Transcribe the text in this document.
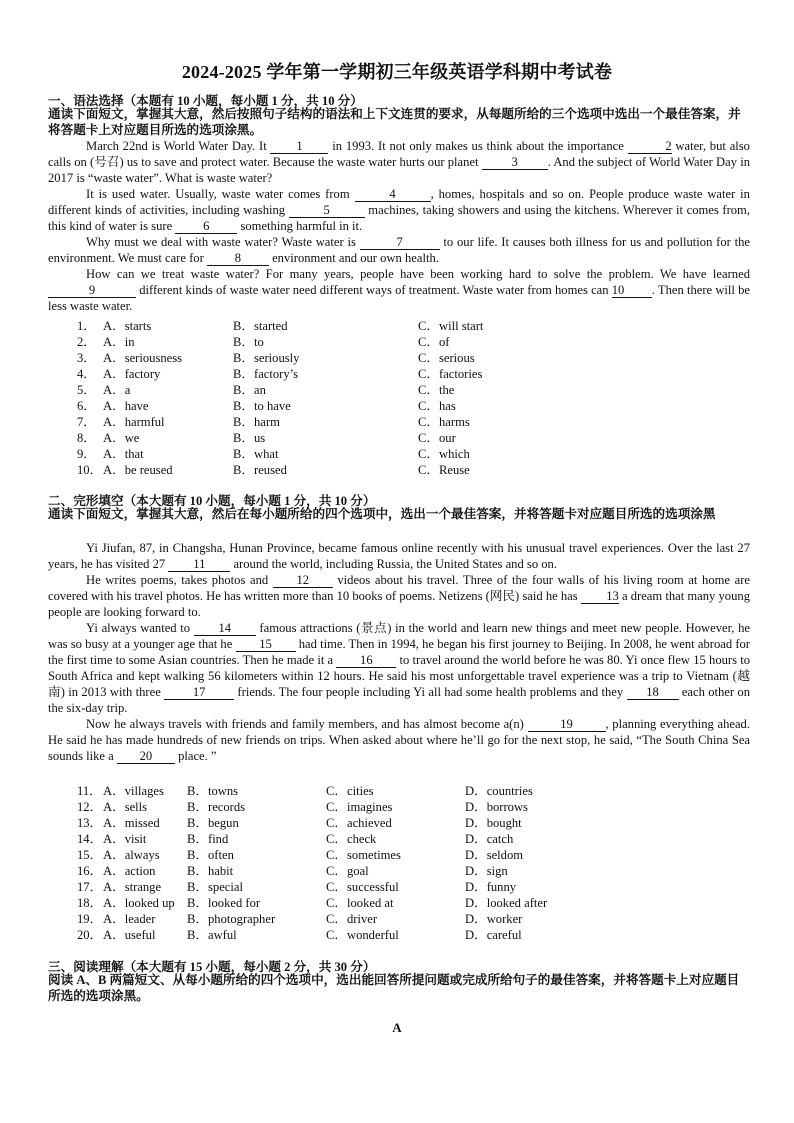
2024-2025 学年第一学期初三年级英语学科期中考试卷
一、语法选择（本题有 10 小题，每小题 1 分，共 10 分）
通读下面短文，掌握其大意，然后按照句子结构的语法和上下文连贯的要求，从每题所给的三个选项中选出一个最佳答案，并将答题卡上对应题目所选的选项涂黑。
March 22nd is World Water Day. It 1 in 1993. It not only makes us think about the importance	2 water, but also calls on (号召) us to save and protect water. Because the waste water hurts our planet 3 . And the subject of World Water Day in 2017 is “waste water”. What is waste water?
It is used water. Usually, waste water comes from	4	, homes, hospitals and so on. People produce waste water in different kinds of activities, including washing	5	machines, taking showers and using the kitchens. Wherever it comes from, this kind of water is sure 6 something harmful in it.
Why must we deal with waste water? Waste water is	7	to our life. It causes both illness for us and pollution for the environment. We must care for 8 environment and our own health.
How can we treat waste water? For many years, people have been working hard to solve the problem. We have learned 9	different kinds of waste water need different ways of treatment. Waste water from homes can 10 . Then there will be less waste water.
1． A．starts	B．started	C．will start
2． A．in	B．to	C．of
3． A．seriousness	B．seriously	C．serious
4． A．factory	B．factory’s	C．factories
5． A．a	B．an	C．the
6． A．have	B．to have	C．has
7． A．harmful	B．harm	C．harms
8． A．we	B．us	C．our
9． A．that	B．what	C．which
10． A．be reused	B．reused	C．Reuse
二、完形填空（本大题有 10 小题，每小题 1 分，共 10 分）
通读下面短文，掌握其大意，然后在每小题所给的四个选项中，选出一个最佳答案，并将答题卡对应题目所选的选项涂黑
Yi Jiufan, 87, in Changsha, Hunan Province, became famous online recently with his unusual travel experiences. Over the last 27 years, he has visited 27 11 around the world, including Russia, the United States and so on.
He writes poems, takes photos and 12 videos about his travel. Three of the four walls of his living room at home are covered with his travel photos. He has written more than 10 books of poems. Netizens (网民) said he has 13 a dream that many young people are looking forward to.
Yi always wanted to 14 famous attractions (景点) in the world and learn new things and meet new people. However, he was so busy at a younger age that he 15 had time. Then in 1994, he began his first journey to Beijing. In 2008, he went abroad for the first time to some Asian countries. Then he made it a 16 to travel around the world before he was 80. Yi once flew 15 hours to South Africa and kept walking 56 kilometers within 12 hours. He said his most unforgettable travel experience was a trip to Vietnam (越南) in 2013 with three 17 friends. The four people including Yi all had some health problems and they 18 each other on the six-day trip.
Now he always travels with friends and family members, and has almost become a(n)	19	, planning everything ahead. He said he has made hundreds of new friends on trips. When asked about where he’ll go for the next stop, he said, “The South China Sea sounds like a 20 place. ”
11． A．villages B．towns	C．cities	D．countries
12． A．sells	B．records	C．imagines	D．borrows
13． A．missed B．begun	C．achieved	D．bought
14． A．visit	B．find	C．check	D．catch
15． A．always B．often	C．sometimes	D．seldom
16． A．action	B．habit	C．goal	D．sign
17． A．strange B．special	C．successful	D．funny
18． A．looked up B．looked for	C．looked at	D．looked after
19． A．leader	B．photographer	C．driver	D．worker
20． A．useful	B．awful	C．wonderful	D．careful
三、阅读理解（本大题有 15 小题，每小题 2 分，共 30 分）
阅读 A、B 两篇短文、从每小题所给的四个选项中，选出能回答所提问题或完成所给句子的最佳答案，并将答题卡上对应题目所选的选项涂黑。
A
